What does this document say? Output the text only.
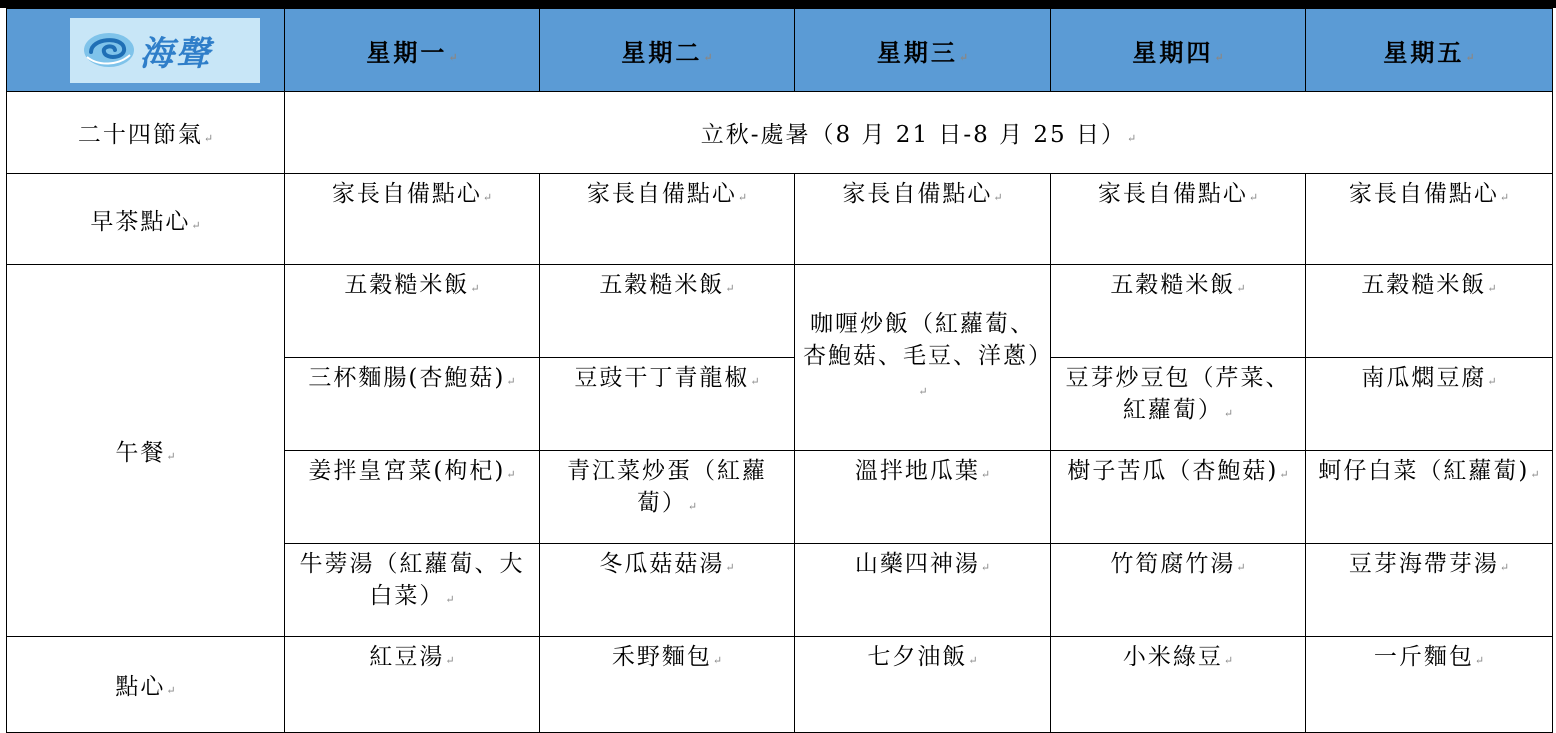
海聲	星期一↵	星期二↵	星期三↵	星期四↵	星期五↵
二十四節氣↵	立秋-處暑（8 月 21 日-8 月 25 日）↵				
早茶點心↵	家長自備點心↵	家長自備點心↵	家長自備點心↵	家長自備點心↵	家長自備點心↵
午餐↵	五穀糙米飯↵	五穀糙米飯↵	咖喱炒飯（紅蘿蔔、杏鮑菇、毛豆、洋蔥）↵	五穀糙米飯↵	五穀糙米飯↵
	三杯麵腸(杏鮑菇)↵	豆豉干丁青龍椒↵		豆芽炒豆包（芹菜、紅蘿蔔）↵	南瓜燜豆腐↵
	姜拌皇宮菜(枸杞)↵	青江菜炒蛋（紅蘿蔔）↵	溫拌地瓜葉↵	樹子苦瓜（杏鮑菇)↵	蚵仔白菜（紅蘿蔔)↵
	牛蒡湯（紅蘿蔔、大白菜）↵	冬瓜菇菇湯↵	山藥四神湯↵	竹筍腐竹湯↵	豆芽海帶芽湯↵
點心↵	紅豆湯↵	禾野麵包↵	七夕油飯↵	小米綠豆↵	一斤麵包↵
